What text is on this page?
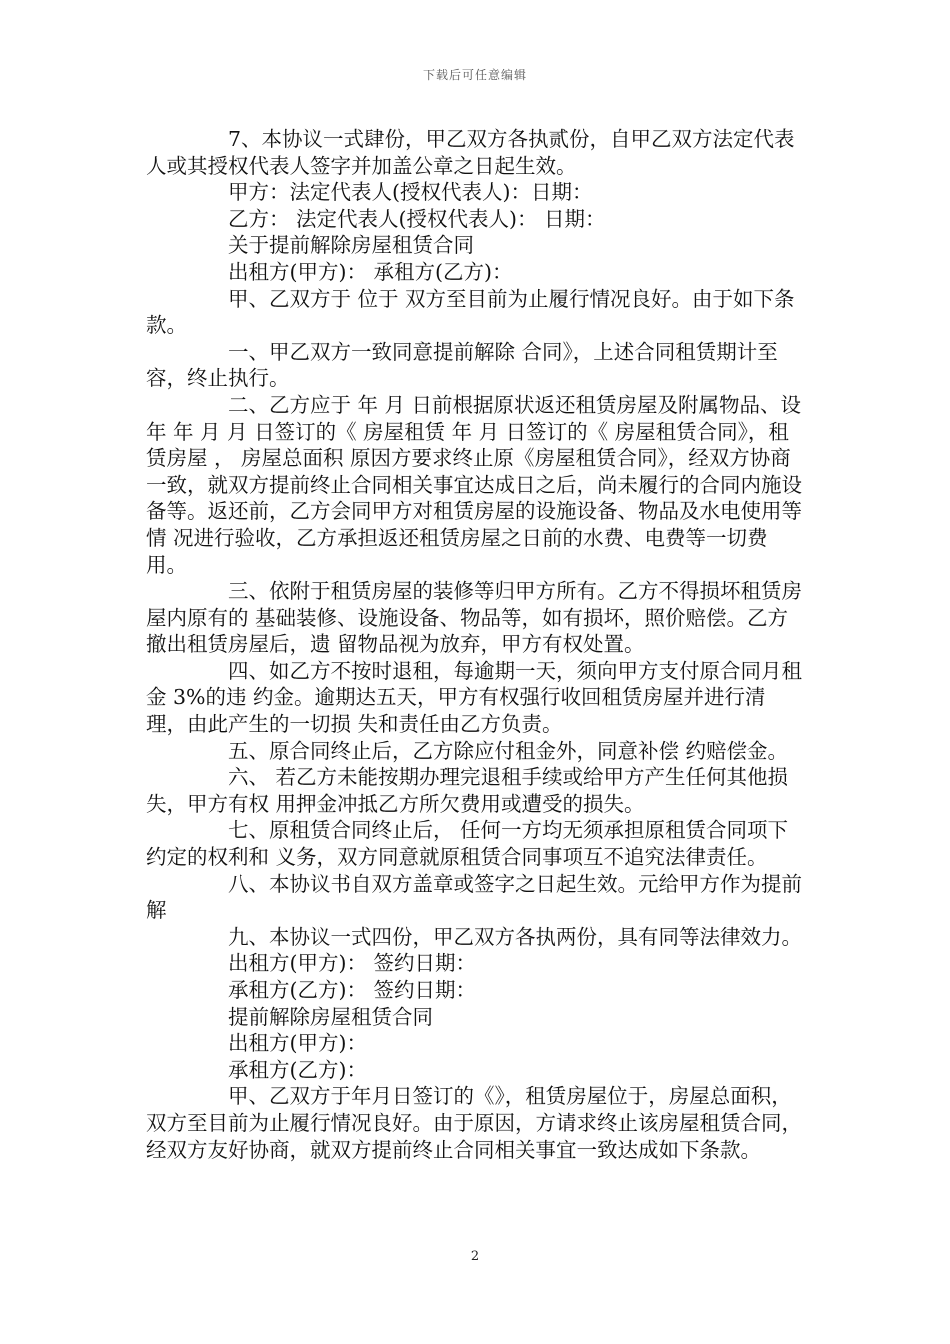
下载后可任意编辑

7、本协议一式肆份，甲乙双方各执贰份，自甲乙双方法定代表人或其授权代表人签字并加盖公章之日起生效。

甲方：法定代表人(授权代表人)：日期：

乙方： 法定代表人(授权代表人)： 日期：

关于提前解除房屋租赁合同

出租方(甲方)： 承租方(乙方)：

甲、乙双方于 位于 双方至目前为止履行情况良好。由于如下条款。

一、甲乙双方一致同意提前解除 合同》，上述合同租赁期计至 容，终止执行。

二、乙方应于 年 月 日前根据原状返还租赁房屋及附属物品、设 年 年 月 月 日签订的《 房屋租赁 年 月 日签订的《 房屋租赁合同》，租赁房屋 ， 房屋总面积 原因方要求终止原《房屋租赁合同》，经双方协商一致，就双方提前终止合同相关事宜达成日之后，尚未履行的合同内施设备等。返还前，乙方会同甲方对租赁房屋的设施设备、物品及水电使用等情 况进行验收，乙方承担返还租赁房屋之日前的水费、电费等一切费用。

三、依附于租赁房屋的装修等归甲方所有。乙方不得损坏租赁房屋内原有的 基础装修、设施设备、物品等，如有损坏，照价赔偿。乙方撤出租赁房屋后，遗 留物品视为放弃，甲方有权处置。

四、如乙方不按时退租，每逾期一天，须向甲方支付原合同月租金 3%的违 约金。逾期达五天，甲方有权强行收回租赁房屋并进行清理，由此产生的一切损 失和责任由乙方负责。

五、原合同终止后，乙方除应付租金外，同意补偿 约赔偿金。

六、 若乙方未能按期办理完退租手续或给甲方产生任何其他损失，甲方有权 用押金冲抵乙方所欠费用或遭受的损失。

七、原租赁合同终止后， 任何一方均无须承担原租赁合同项下约定的权利和 义务，双方同意就原租赁合同事项互不追究法律责任。

八、本协议书自双方盖章或签字之日起生效。元给甲方作为提前解

九、本协议一式四份，甲乙双方各执两份，具有同等法律效力。

出租方(甲方)： 签约日期：

承租方(乙方)： 签约日期：

提前解除房屋租赁合同

出租方(甲方)：

承租方(乙方)：

甲、乙双方于年月日签订的《》，租赁房屋位于，房屋总面积，双方至目前为止履行情况良好。由于原因，方请求终止该房屋租赁合同，经双方友好协商，就双方提前终止合同相关事宜一致达成如下条款。

2
